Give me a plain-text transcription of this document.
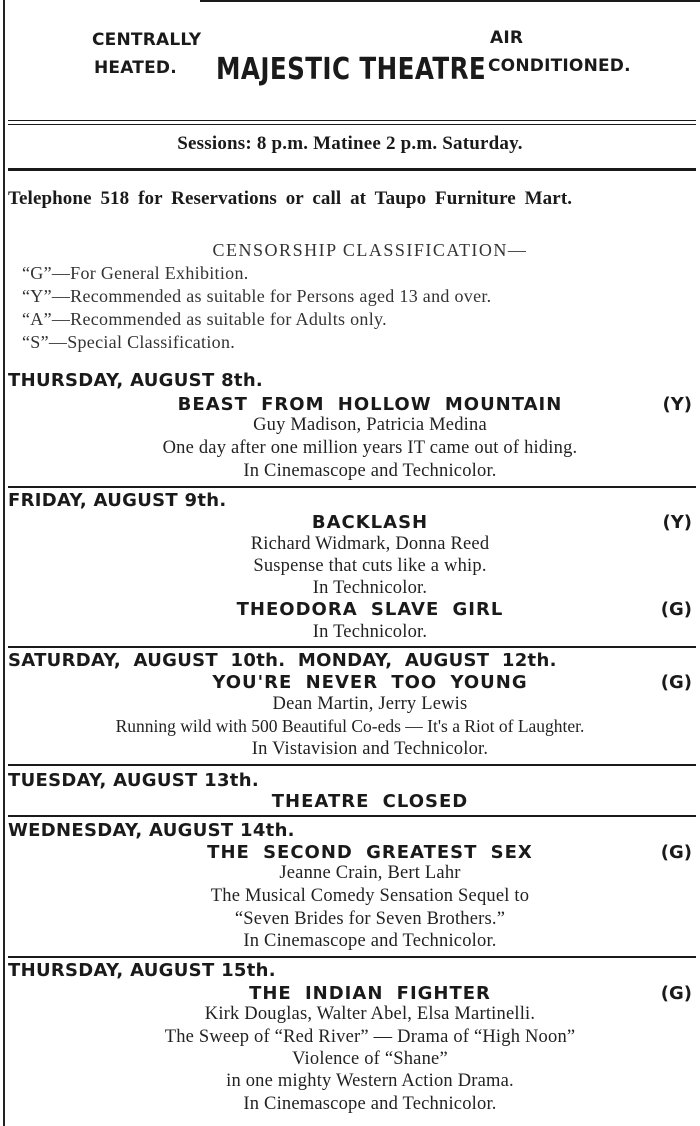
CENTRALLY
HEATED. MAJESTIC THEATRE
AIR
CONDITIONED.
Sessions: 8 p.m. Matinee 2 p.m. Saturday.
Telephone 518 for Reservations or call at Taupo Furniture Mart.
CENSORSHIP CLASSIFICATION—
“G”—For General Exhibition.
“Y”—Recommended as suitable for Persons aged 13 and over.
“A”—Recommended as suitable for Adults only.
“S”—Special Classification.
THURSDAY, AUGUST 8th.
BEAST FROM HOLLOW MOUNTAIN	(Y)
Guy Madison, Patricia Medina
One day after one million years IT came out of hiding.
In Cinemascope and Technicolor.
FRIDAY, AUGUST 9th.
BACKLASH	(Y)
Richard Widmark, Donna Reed
Suspense that cuts like a whip.
In Technicolor.
THEODORA SLAVE GIRL	(G)
In Technicolor.
SATURDAY, AUGUST 10th. MONDAY, AUGUST 12th.
YOU'RE NEVER TOO YOUNG	(G)
Dean Martin, Jerry Lewis
Running wild with 500 Beautiful Co-eds — It's a Riot of Laughter.
In Vistavision and Technicolor.
TUESDAY, AUGUST 13th.
THEATRE CLOSED
WEDNESDAY, AUGUST 14th.
THE SECOND GREATEST SEX	(G)
Jeanne Crain, Bert Lahr
The Musical Comedy Sensation Sequel to
“Seven Brides for Seven Brothers.”
In Cinemascope and Technicolor.
THURSDAY, AUGUST 15th.
THE INDIAN FIGHTER	(G)
Kirk Douglas, Walter Abel, Elsa Martinelli.
The Sweep of “Red River” — Drama of “High Noon”
Violence of “Shane”
in one mighty Western Action Drama.
In Cinemascope and Technicolor.
